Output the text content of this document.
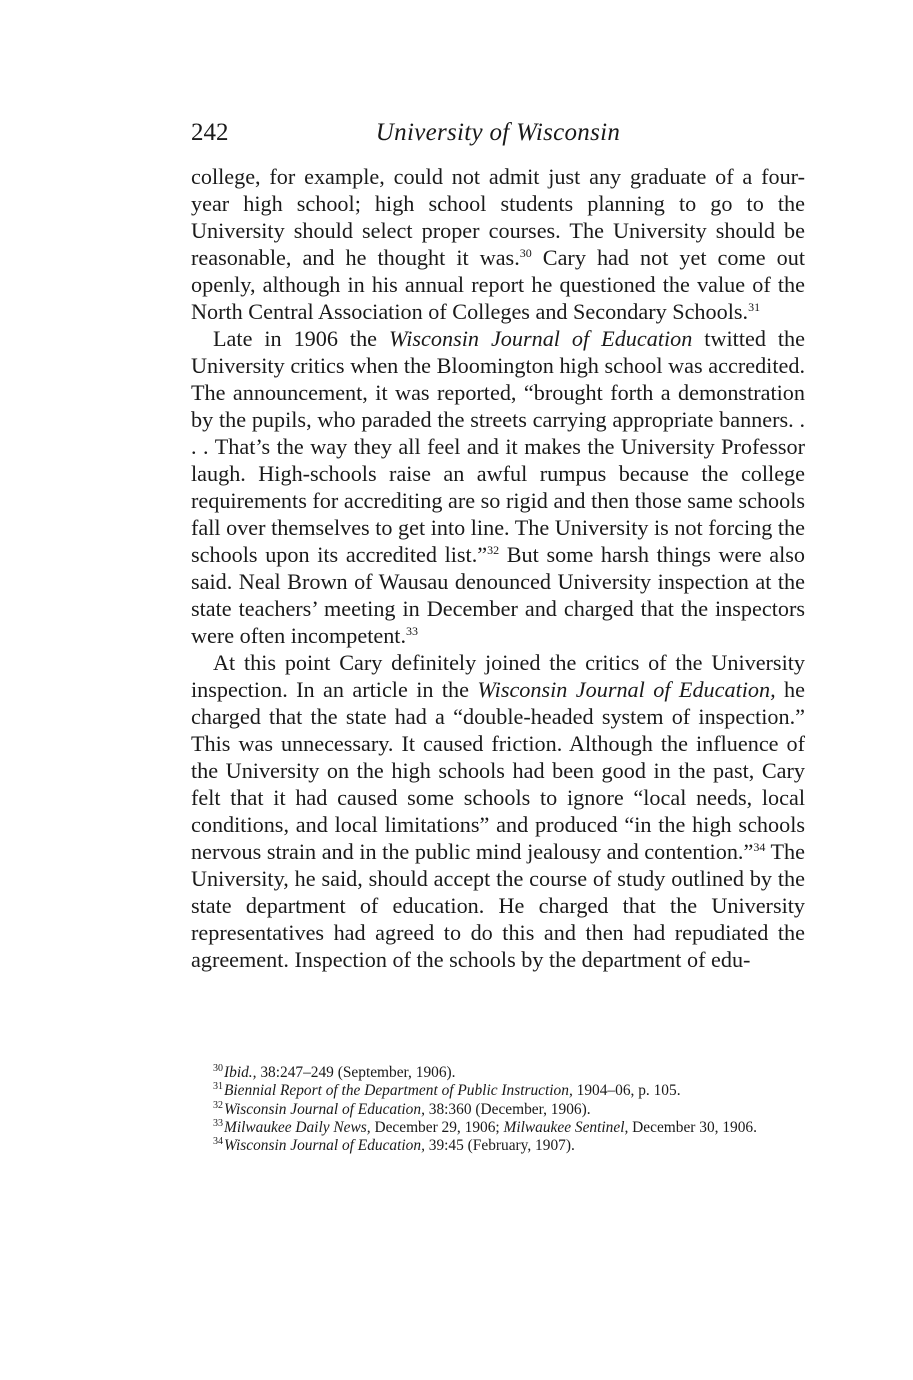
242	University of Wisconsin

college, for example, could not admit just any graduate of a four-year high school; high school students planning to go to the University should select proper courses. The University should be reasonable, and he thought it was.$^{30}$ Cary had not yet come out openly, although in his annual report he questioned the value of the North Central Association of Colleges and Secondary Schools.$^{31}$

Late in 1906 the Wisconsin Journal of Education twitted the University critics when the Bloomington high school was accredited. The announcement, it was reported, “brought forth a demonstration by the pupils, who paraded the streets carrying appropriate banners. . . . That’s the way they all feel and it makes the University Professor laugh. High-schools raise an awful rumpus because the college requirements for accrediting are so rigid and then those same schools fall over themselves to get into line. The University is not forcing the schools upon its accredited list.”$^{32}$ But some harsh things were also said. Neal Brown of Wausau denounced University inspection at the state teachers’ meeting in December and charged that the inspectors were often incompetent.$^{33}$

At this point Cary definitely joined the critics of the University inspection. In an article in the Wisconsin Journal of Education, he charged that the state had a “double-headed system of inspection.” This was unnecessary. It caused friction. Although the influence of the University on the high schools had been good in the past, Cary felt that it had caused some schools to ignore “local needs, local conditions, and local limitations” and produced “in the high schools nervous strain and in the public mind jealousy and contention.”$^{34}$ The University, he said, should accept the course of study outlined by the state department of education. He charged that the University representatives had agreed to do this and then had repudiated the agreement. Inspection of the schools by the department of edu-

$^{30}$Ibid., 38:247–249 (September, 1906).

$^{31}$Biennial Report of the Department of Public Instruction, 1904–06, p. 105.

$^{32}$Wisconsin Journal of Education, 38:360 (December, 1906).

$^{33}$Milwaukee Daily News, December 29, 1906; Milwaukee Sentinel, December 30, 1906.

$^{34}$Wisconsin Journal of Education, 39:45 (February, 1907).
